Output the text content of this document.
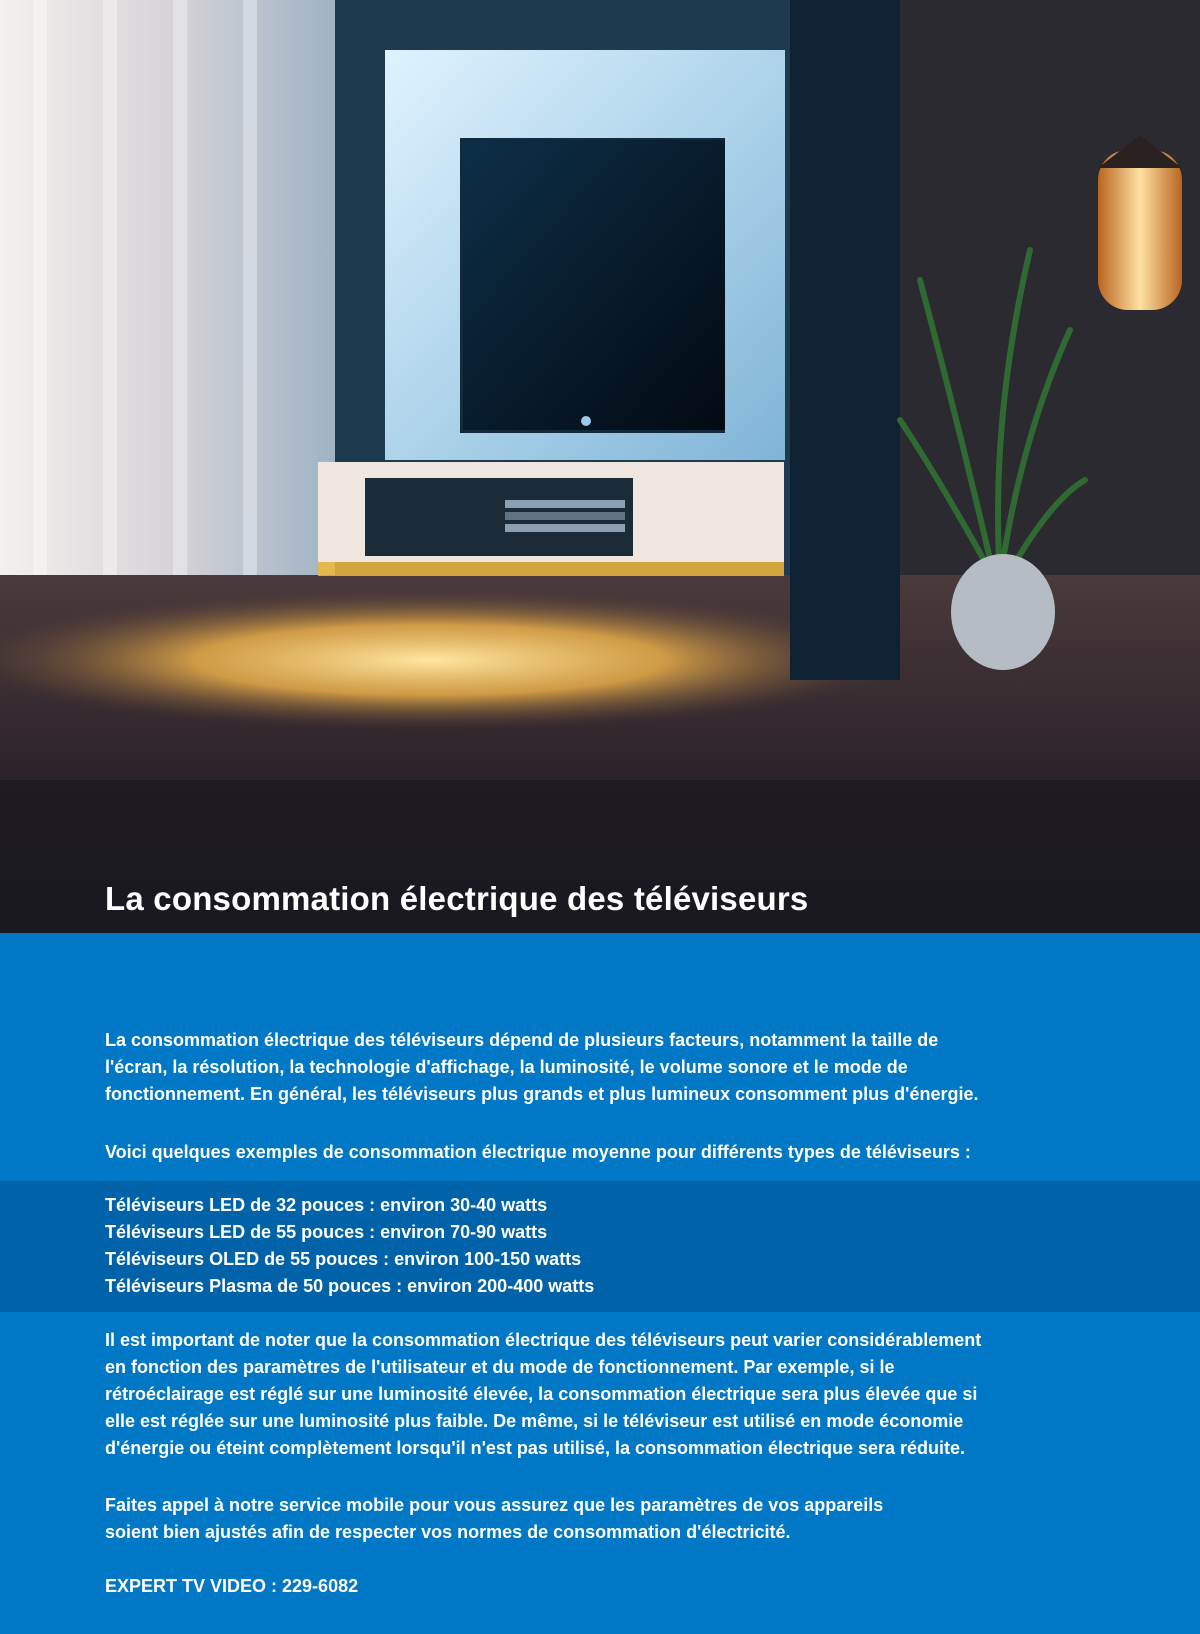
La consommation électrique des téléviseurs

La consommation électrique des téléviseurs dépend de plusieurs facteurs, notamment la taille de l'écran, la résolution, la technologie d'affichage, la luminosité, le volume sonore et le mode de fonctionnement. En général, les téléviseurs plus grands et plus lumineux consomment plus d'énergie.

Voici quelques exemples de consommation électrique moyenne pour différents types de téléviseurs :

Téléviseurs LED de 32 pouces : environ 30-40 watts
Téléviseurs LED de 55 pouces : environ 70-90 watts
Téléviseurs OLED de 55 pouces : environ 100-150 watts
Téléviseurs Plasma de 50 pouces : environ 200-400 watts

Il est important de noter que la consommation électrique des téléviseurs peut varier considérablement en fonction des paramètres de l'utilisateur et du mode de fonctionnement. Par exemple, si le rétroéclairage est réglé sur une luminosité élevée, la consommation électrique sera plus élevée que si elle est réglée sur une luminosité plus faible. De même, si le téléviseur est utilisé en mode économie d'énergie ou éteint complètement lorsqu'il n'est pas utilisé, la consommation électrique sera réduite.

Faites appel à notre service mobile pour vous assurez que les paramètres de vos appareils soient bien ajustés afin de respecter vos normes de consommation d'électricité.

EXPERT TV VIDEO : 229-6082
